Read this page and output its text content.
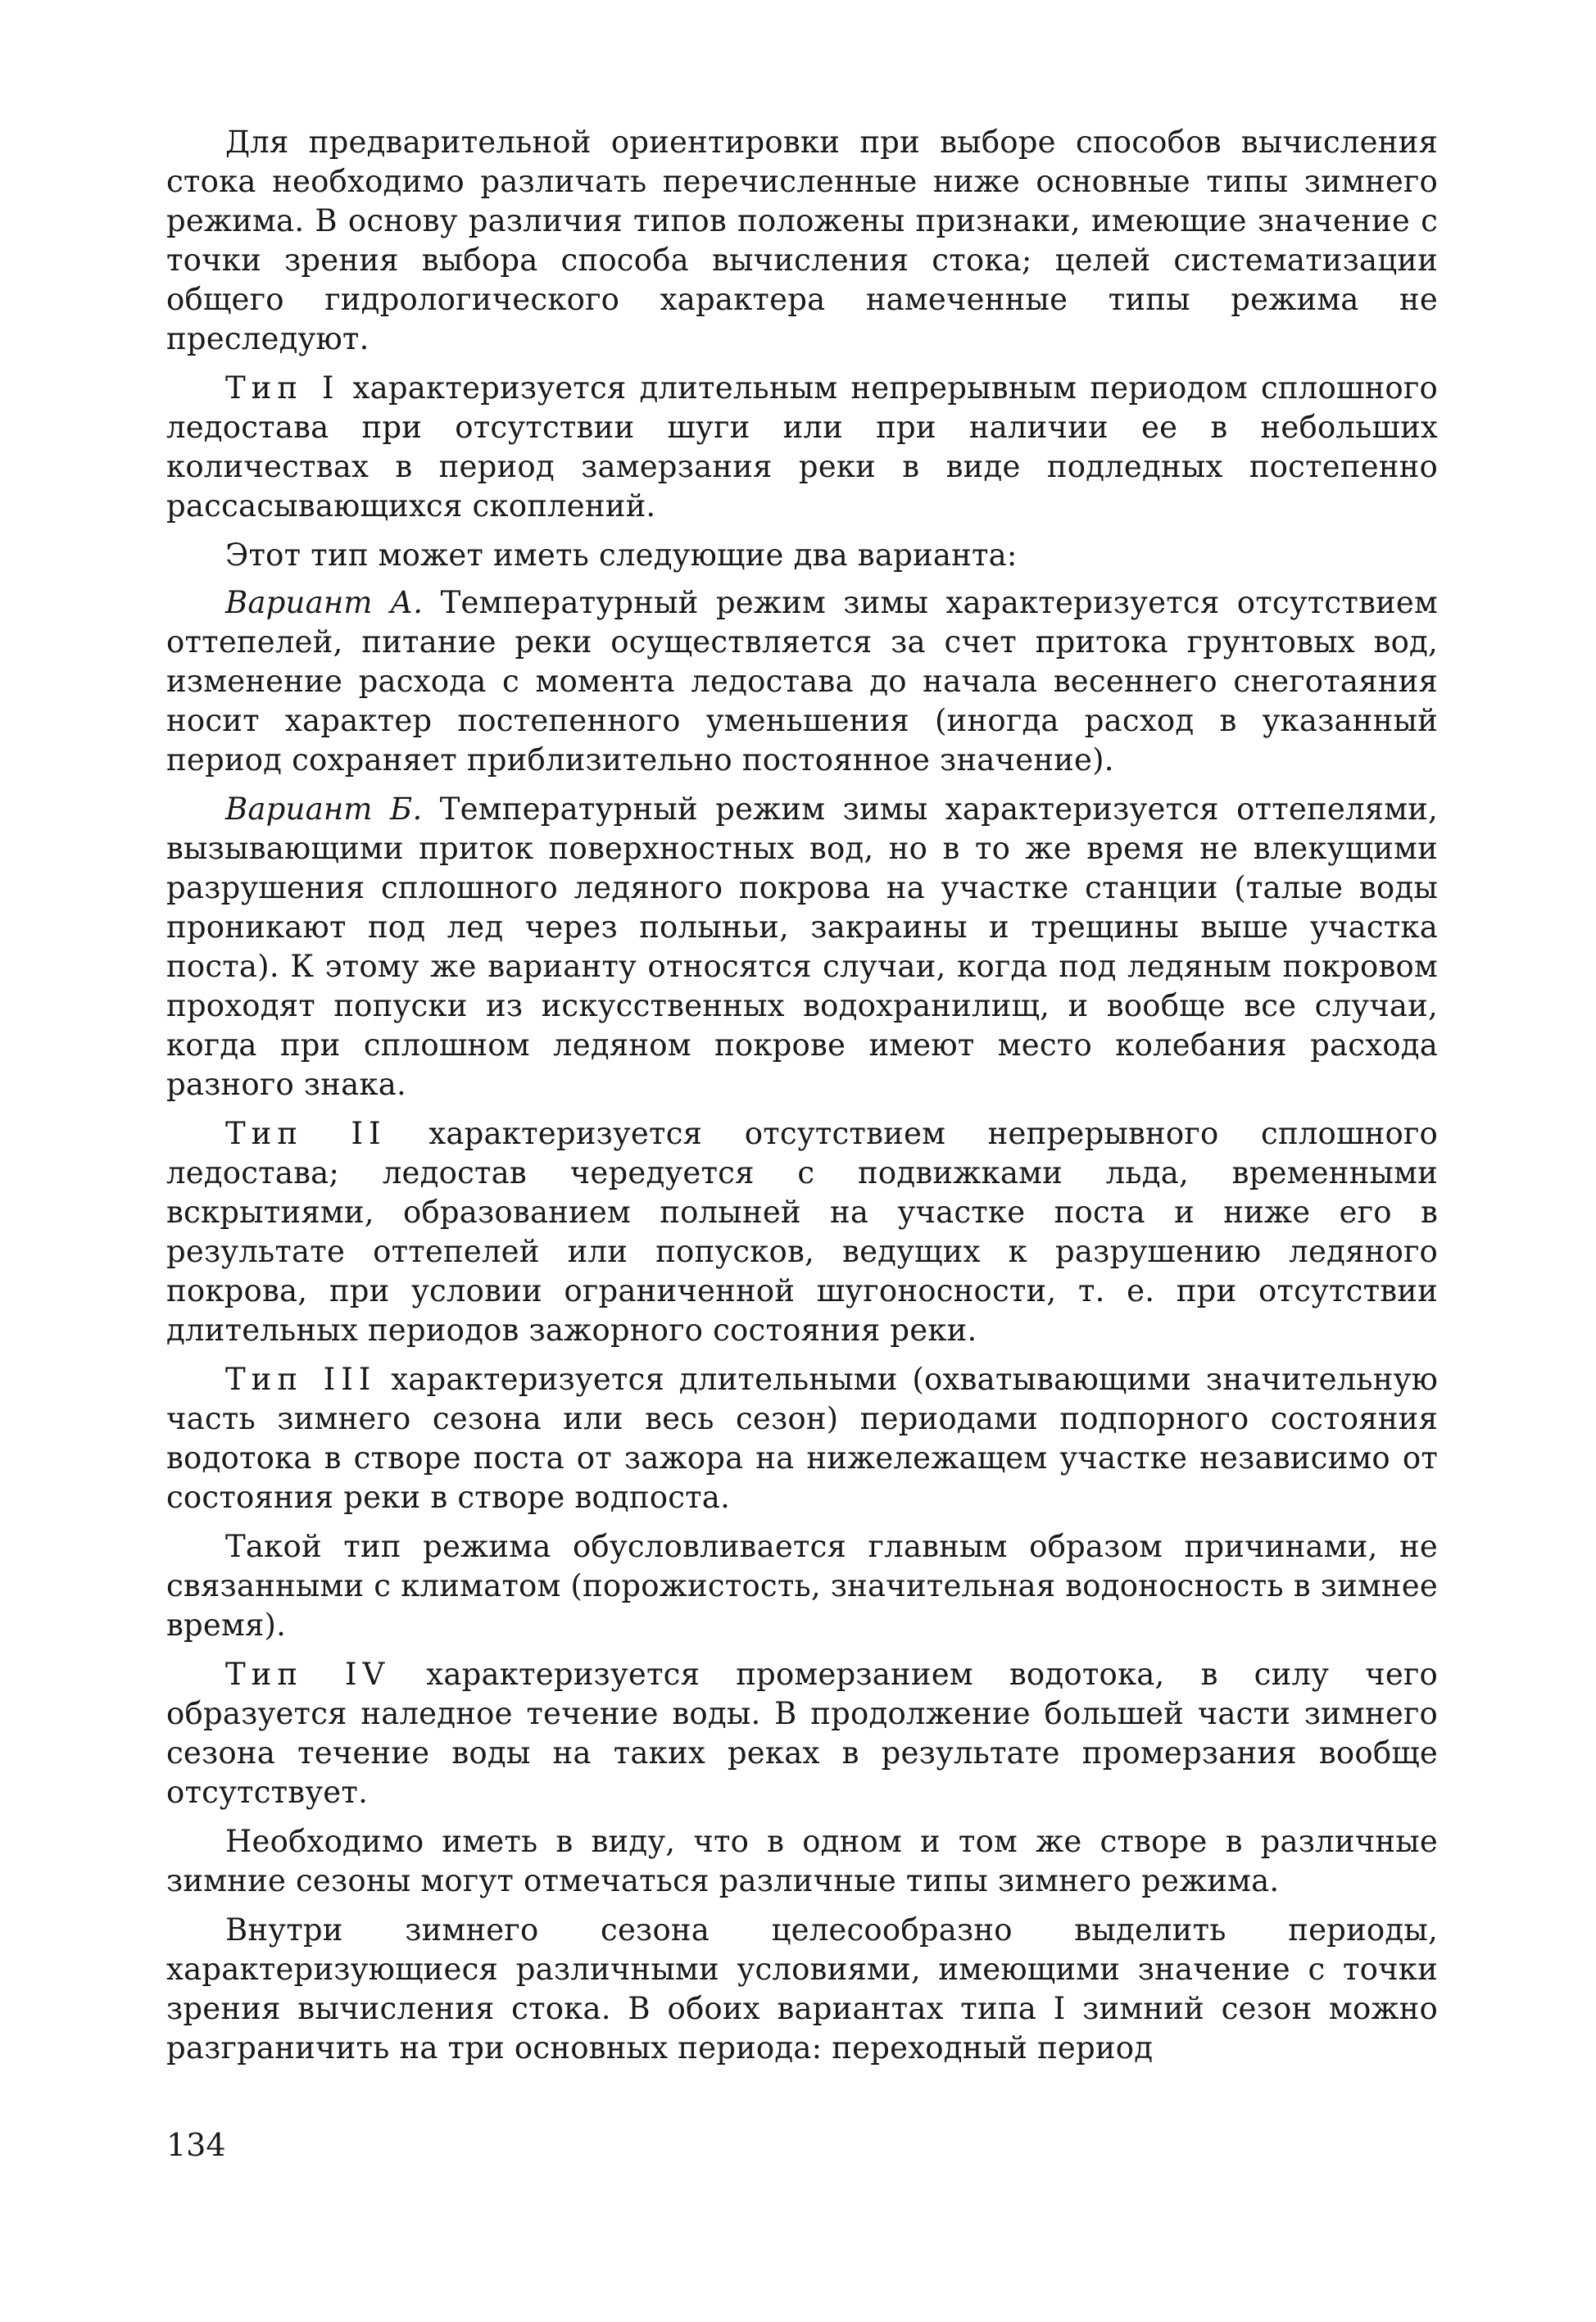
Для предварительной ориентировки при выборе способов вычисления стока необходимо различать перечисленные ниже основные типы зимнего режима. В основу различия типов положены признаки, имеющие значение с точки зрения выбора способа вычисления стока; целей систематизации общего гидрологического характера намеченные типы режима не преследуют.

Тип I характеризуется длительным непрерывным периодом сплошного ледостава при отсутствии шуги или при наличии ее в небольших количествах в период замерзания реки в виде подледных постепенно рассасывающихся скоплений.

Этот тип может иметь следующие два варианта:

Вариант А. Температурный режим зимы характеризуется отсутствием оттепелей, питание реки осуществляется за счет притока грунтовых вод, изменение расхода с момента ледостава до начала весеннего снеготаяния носит характер постепенного уменьшения (иногда расход в указанный период сохраняет приблизительно постоянное значение).

Вариант Б. Температурный режим зимы характеризуется оттепелями, вызывающими приток поверхностных вод, но в то же время не влекущими разрушения сплошного ледяного покрова на участке станции (талые воды проникают под лед через полыньи, закраины и трещины выше участка поста). К этому же варианту относятся случаи, когда под ледяным покровом проходят попуски из искусственных водохранилищ, и вообще все случаи, когда при сплошном ледяном покрове имеют место колебания расхода разного знака.

Тип II характеризуется отсутствием непрерывного сплошного ледостава; ледостав чередуется с подвижками льда, временными вскрытиями, образованием полыней на участке поста и ниже его в результате оттепелей или попусков, ведущих к разрушению ледяного покрова, при условии ограниченной шугоносности, т. е. при отсутствии длительных периодов зажорного состояния реки.

Тип III характеризуется длительными (охватывающими значительную часть зимнего сезона или весь сезон) периодами подпорного состояния водотока в створе поста от зажора на нижележащем участке независимо от состояния реки в створе водпоста.

Такой тип режима обусловливается главным образом причинами, не связанными с климатом (порожистость, значительная водоносность в зимнее время).

Тип IV характеризуется промерзанием водотока, в силу чего образуется наледное течение воды. В продолжение большей части зимнего сезона течение воды на таких реках в результате промерзания вообще отсутствует.

Необходимо иметь в виду, что в одном и том же створе в различные зимние сезоны могут отмечаться различные типы зимнего режима.

Внутри зимнего сезона целесообразно выделить периоды, характеризующиеся различными условиями, имеющими значение с точки зрения вычисления стока. В обоих вариантах типа I зимний сезон можно разграничить на три основных периода: переходный период

134
